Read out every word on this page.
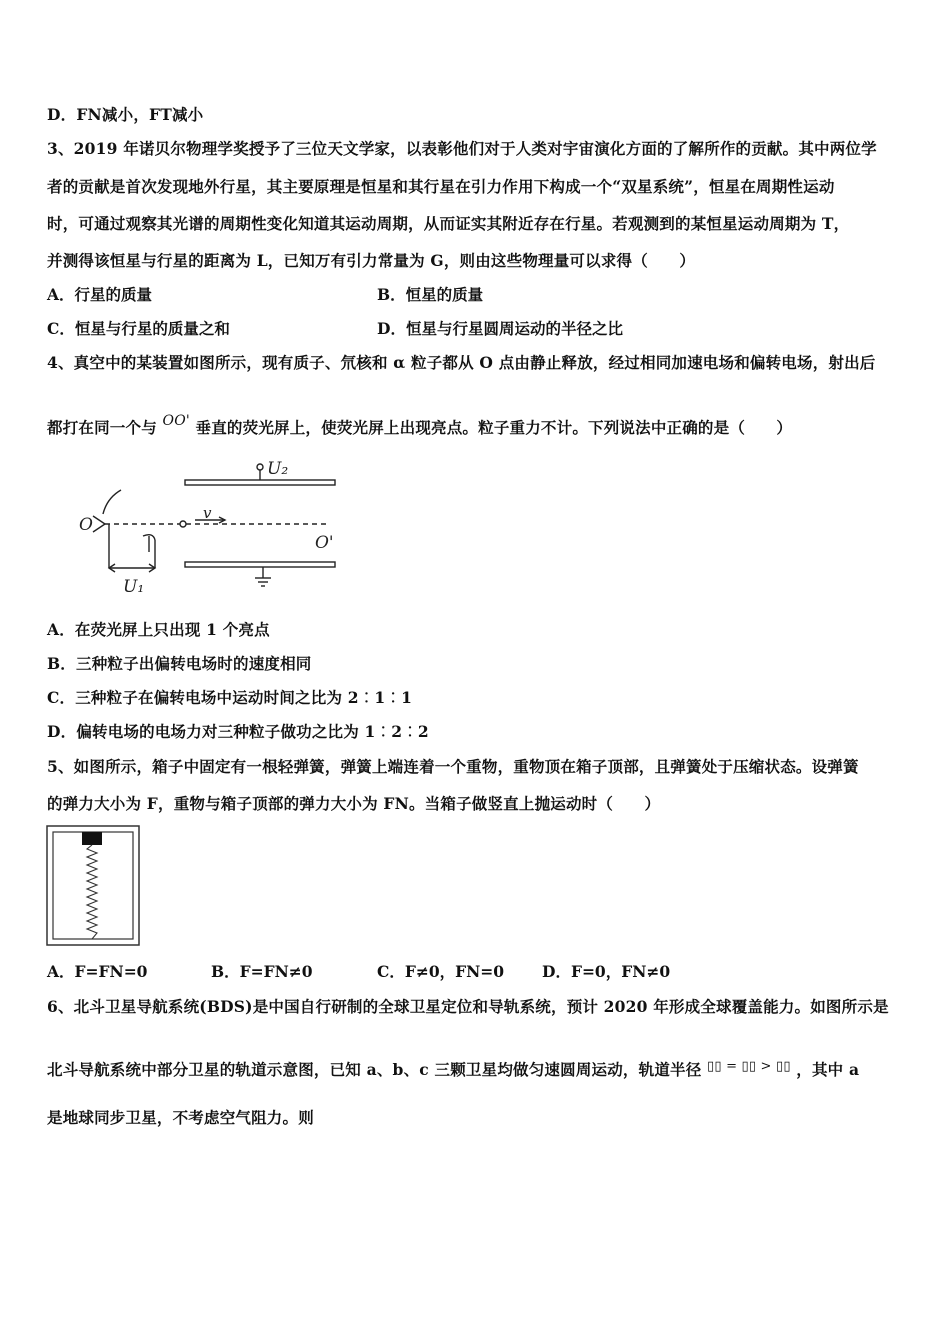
D．FN减小，FT减小
3、2019 年诺贝尔物理学奖授予了三位天文学家，以表彰他们对于人类对宇宙演化方面的了解所作的贡献。其中两位学
者的贡献是首次发现地外行星，其主要原理是恒星和其行星在引力作用下构成一个“双星系统”，恒星在周期性运动
时，可通过观察其光谱的周期性变化知道其运动周期，从而证实其附近存在行星。若观测到的某恒星运动周期为 T，
并测得该恒星与行星的距离为 L，已知万有引力常量为 G，则由这些物理量可以求得（　　）
A．行星的质量	B．恒星的质量
C．恒星与行星的质量之和	D．恒星与行星圆周运动的半径之比
4、真空中的某装置如图所示，现有质子、氘核和 α 粒子都从 O 点由静止释放，经过相同加速电场和偏转电场，射出后
都打在同一个与 OO' 垂直的荧光屏上，使荧光屏上出现亮点。粒子重力不计。下列说法中正确的是（　　）
U₂
v
O
O'
U₁
A．在荧光屏上只出现 1 个亮点
B．三种粒子出偏转电场时的速度相同
C．三种粒子在偏转电场中运动时间之比为 2︰1︰1
D．偏转电场的电场力对三种粒子做功之比为 1︰2︰2
5、如图所示，箱子中固定有一根轻弹簧，弹簧上端连着一个重物，重物顶在箱子顶部，且弹簧处于压缩状态。设弹簧
的弹力大小为 F，重物与箱子顶部的弹力大小为 FN。当箱子做竖直上抛运动时（　　）
A．F=FN=0	B．F=FN≠0	C．F≠0，FN=0 D．F=0，FN≠0
6、北斗卫星导航系统(BDS)是中国自行研制的全球卫星定位和导轨系统，预计 2020 年形成全球覆盖能力。如图所示是
北斗导航系统中部分卫星的轨道示意图，已知 a、b、c 三颗卫星均做匀速圆周运动，轨道半径 ▯▯ = ▯▯ > ▯▯ ，其中 a
是地球同步卫星，不考虑空气阻力。则
